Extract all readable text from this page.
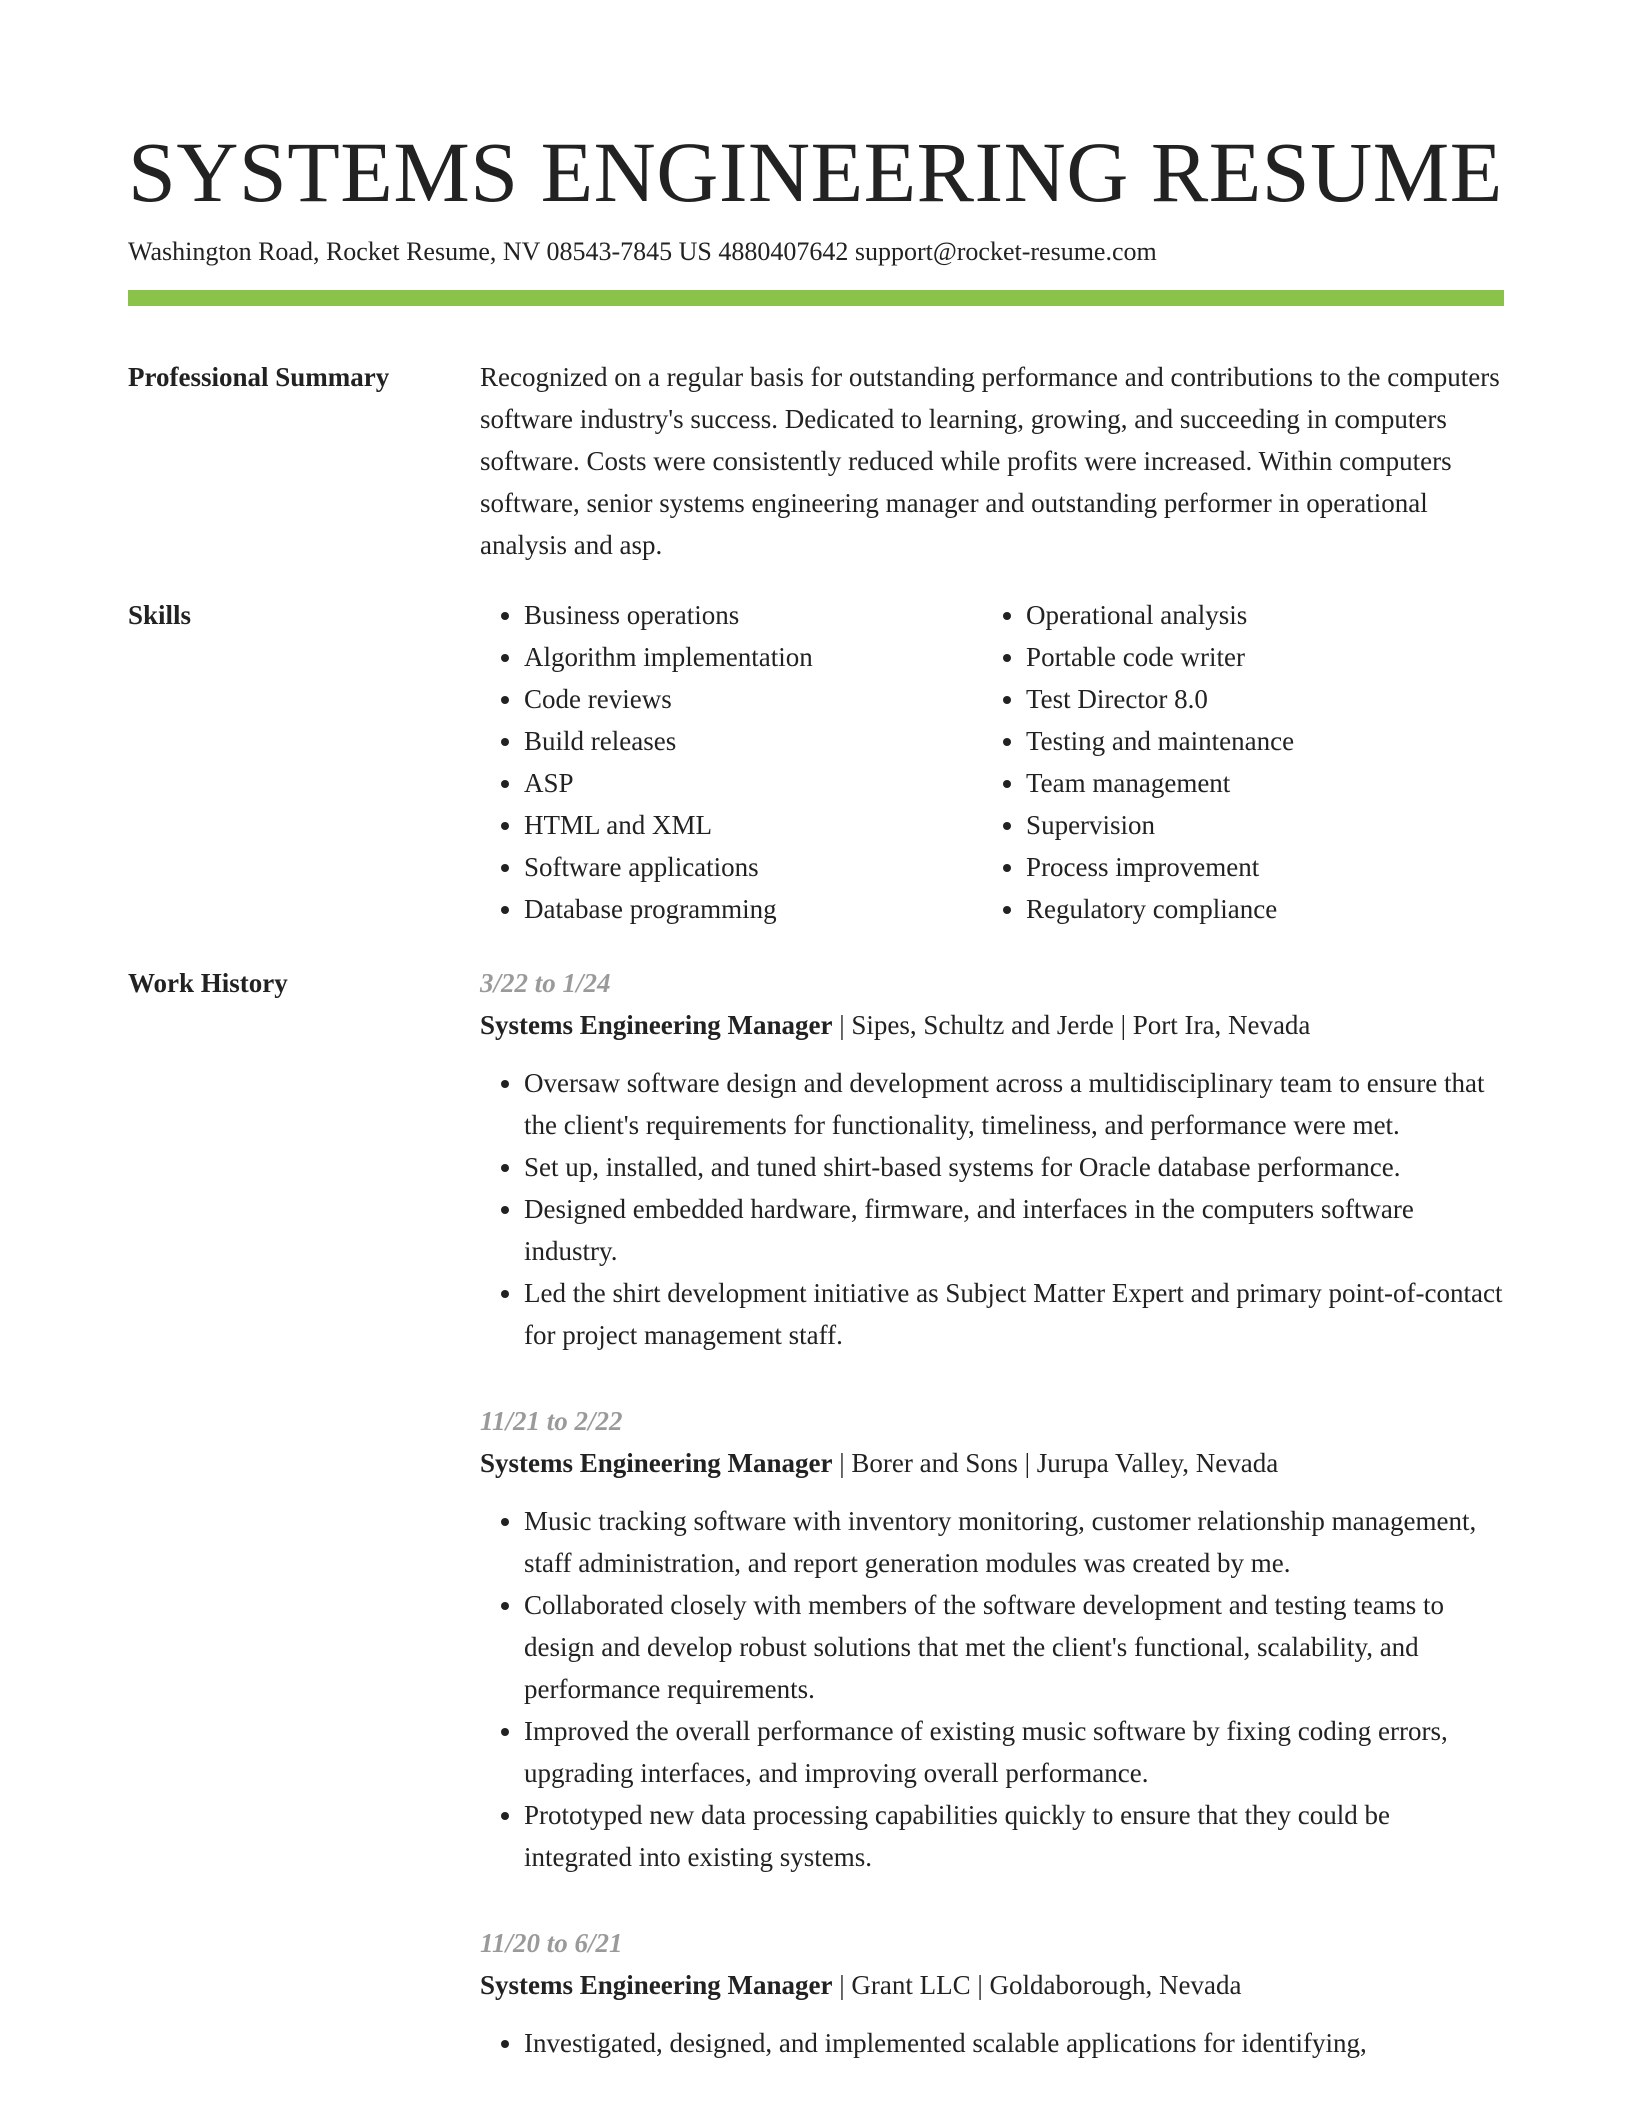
SYSTEMS ENGINEERING RESUME
Washington Road, Rocket Resume, NV 08543-7845 US 4880407642 support@rocket-resume.com
Professional Summary	Recognized on a regular basis for outstanding performance and contributions to the computers software industry's success. Dedicated to learning, growing, and succeeding in computers software. Costs were consistently reduced while profits were increased. Within computers software, senior systems engineering manager and outstanding performer in operational analysis and asp.

Skills
•	Business operations
• Algorithm implementation
• Code reviews
• Build releases
• ASP
• HTML and XML
• Software applications
• Database programming
• Operational analysis
• Portable code writer
• Test Director 8.0
• Testing and maintenance
• Team management
• Supervision
• Process improvement
• Regulatory compliance
Work History	3/22 to 1/24
Systems Engineering Manager | Sipes, Schultz and Jerde | Port Ira, Nevada
• Oversaw software design and development across a multidisciplinary team to ensure that the client's requirements for functionality, timeliness, and performance were met.
• Set up, installed, and tuned shirt-based systems for Oracle database performance.
• Designed embedded hardware, firmware, and interfaces in the computers software industry.
• Led the shirt development initiative as Subject Matter Expert and primary point-of-contact for project management staff.
11/21 to 2/22
Systems Engineering Manager | Borer and Sons | Jurupa Valley, Nevada
• Music tracking software with inventory monitoring, customer relationship management, staff administration, and report generation modules was created by me.
• Collaborated closely with members of the software development and testing teams to design and develop robust solutions that met the client's functional, scalability, and performance requirements.
• Improved the overall performance of existing music software by fixing coding errors, upgrading interfaces, and improving overall performance.
• Prototyped new data processing capabilities quickly to ensure that they could be integrated into existing systems.
11/20 to 6/21
Systems Engineering Manager | Grant LLC | Goldaborough, Nevada
• Investigated, designed, and implemented scalable applications for identifying,
